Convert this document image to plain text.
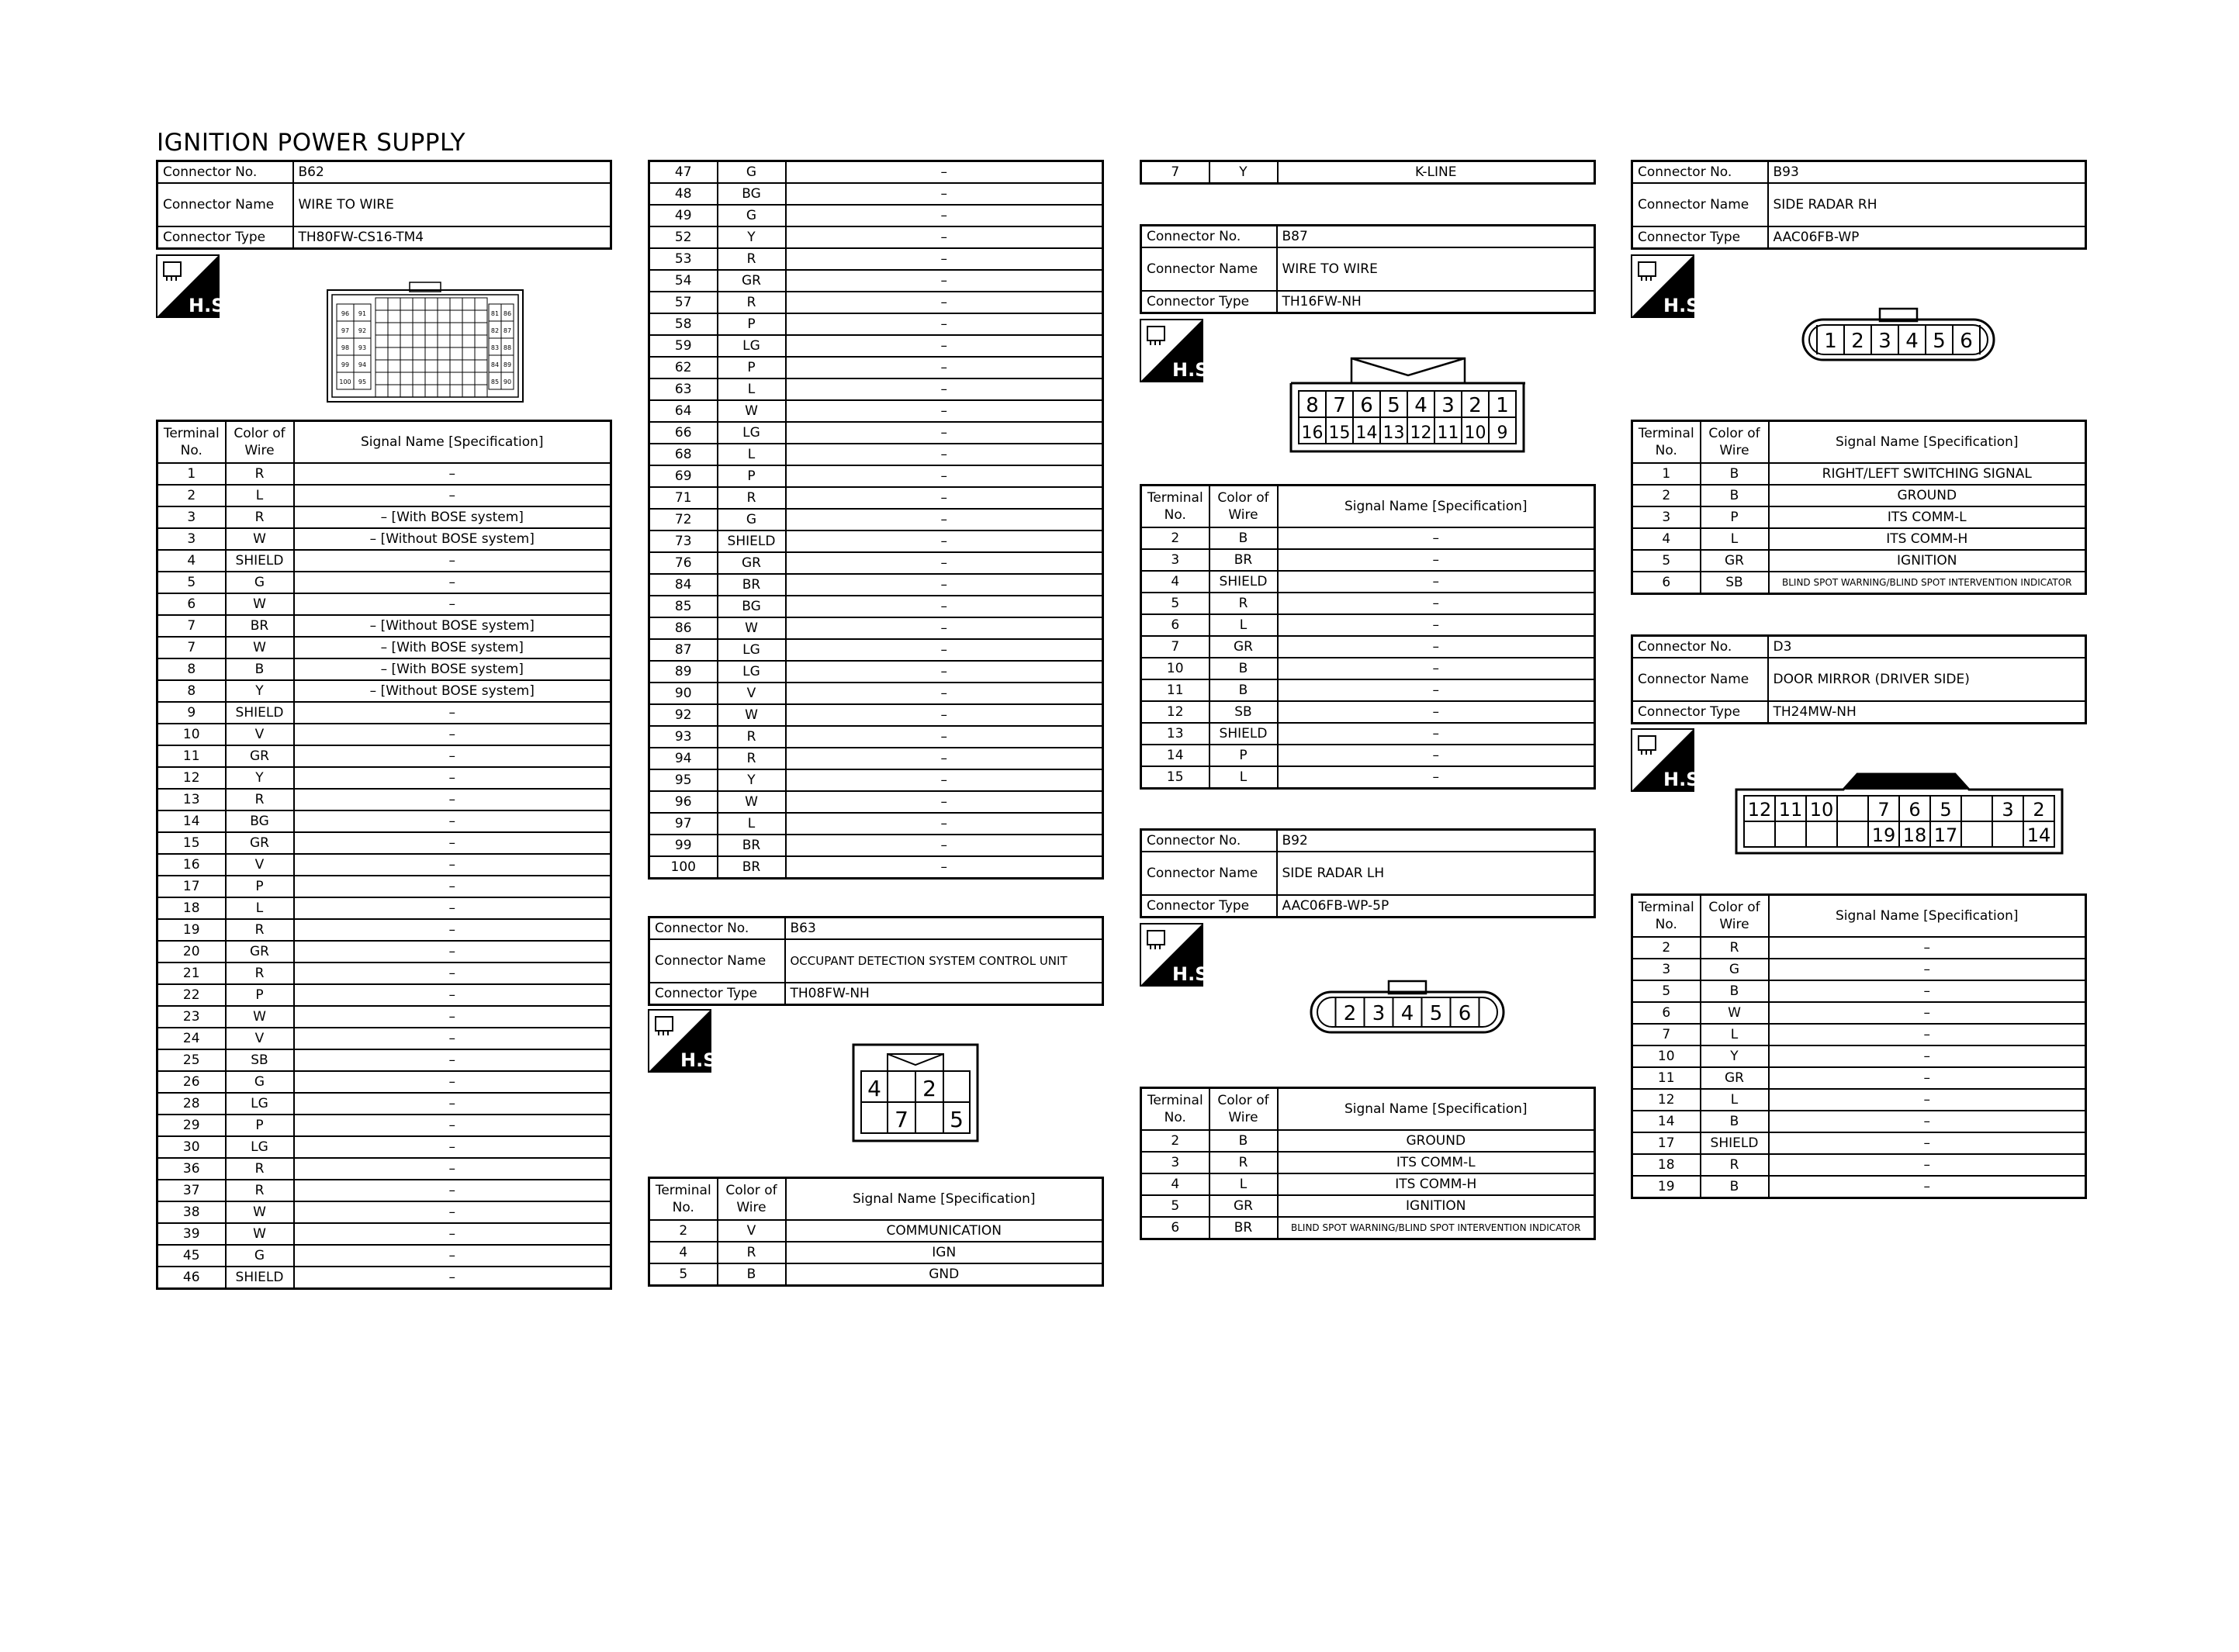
IGNITION POWER SUPPLY
Connector No.	B62
Connector Name	WIRE TO WIRE
Connector Type	TH80FW-CS16-TM4
H.S.	96 91
97 92
98 93
99 94
100 95
81 86
82 87
83 88
84 89
85 90
Terminal No.	Color of Wire	Signal Name [Specification]
1	R	–
2	L	–
3	R	– [With BOSE system]
3	W	– [Without BOSE system]
4	SHIELD	–
5	G	–
6	W	–
7	BR	– [Without BOSE system]
7	W	– [With BOSE system]
8	B	– [With BOSE system]
8	Y	– [Without BOSE system]
9	SHIELD	–
10	V	–
11	GR	–
12	Y	–
13	R	–
14	BG	–
15	GR	–
16	V	–
17	P	–
18	L	–
19	R	–
20	GR	–
21	R	–
22	P	–
23	W	–
24	V	–
25	SB	–
26	G	–
28	LG	–
29	P	–
30	LG	–
36	R	–
37	R	–
38	W	–
39	W	–
45	G	–
46	SHIELD	–
47	G	–
48	BG	–
49	G	–
52	Y	–
53	R	–
54	GR	–
57	R	–
58	P	–
59	LG	–
62	P	–
63	L	–
64	W	–
66	LG	–
68	L	–
69	P	–
71	R	–
72	G	–
73	SHIELD	–
76	GR	–
84	BR	–
85	BG	–
86	W	–
87	LG	–
89	LG	–
90	V	–
92	W	–
93	R	–
94	R	–
95	Y	–
96	W	–
97	L	–
99	BR	–
100	BR	–
Connector No.	B63
Connector Name	OCCUPANT DETECTION SYSTEM CONTROL UNIT
Connector Type	TH08FW-NH
H.S.
4 2
7 5
Terminal No.	Color of Wire	Signal Name [Specification]
2	V	COMMUNICATION
4	R	IGN
5	B	GND
7	Y	K-LINE
Connector No.	B87
Connector Name	WIRE TO WIRE
Connector Type	TH16FW-NH
H.S.
8 7 6 5 4 3 2 1
16 15 14 13 12 11 10 9
Terminal No.	Color of Wire	Signal Name [Specification]
2	B	–
3	BR	–
4	SHIELD	–
5	R	–
6	L	–
7	GR	–
10	B	–
11	B	–
12	SB	–
13	SHIELD	–
14	P	–
15	L	–
Connector No.	B92
Connector Name	SIDE RADAR LH
Connector Type	AAC06FB-WP-5P
H.S.
2 3 4 5 6
Terminal No.	Color of Wire	Signal Name [Specification]
2	B	GROUND
3	R	ITS COMM-L
4	L	ITS COMM-H
5	GR	IGNITION
6	BR	BLIND SPOT WARNING/BLIND SPOT INTERVENTION INDICATOR
Connector No.	B93
Connector Name	SIDE RADAR RH
Connector Type	AAC06FB-WP
H.S.
1 2 3 4 5 6
Terminal No.	Color of Wire	Signal Name [Specification]
1	B	RIGHT/LEFT SWITCHING SIGNAL
2	B	GROUND
3	P	ITS COMM-L
4	L	ITS COMM-H
5	GR	IGNITION
6	SB	BLIND SPOT WARNING/BLIND SPOT INTERVENTION INDICATOR
Connector No.	D3
Connector Name	DOOR MIRROR (DRIVER SIDE)
Connector Type	TH24MW-NH
H.S.
12 11 10 7 6 5	3 2
19 18 17	14
Terminal No.	Color of Wire	Signal Name [Specification]
2	R	–
3	G	–
5	B	–
6	W	–
7	L	–
10	Y	–
11	GR	–
12	L	–
14	B	–
17	SHIELD	–
18	R	–
19	B	–
